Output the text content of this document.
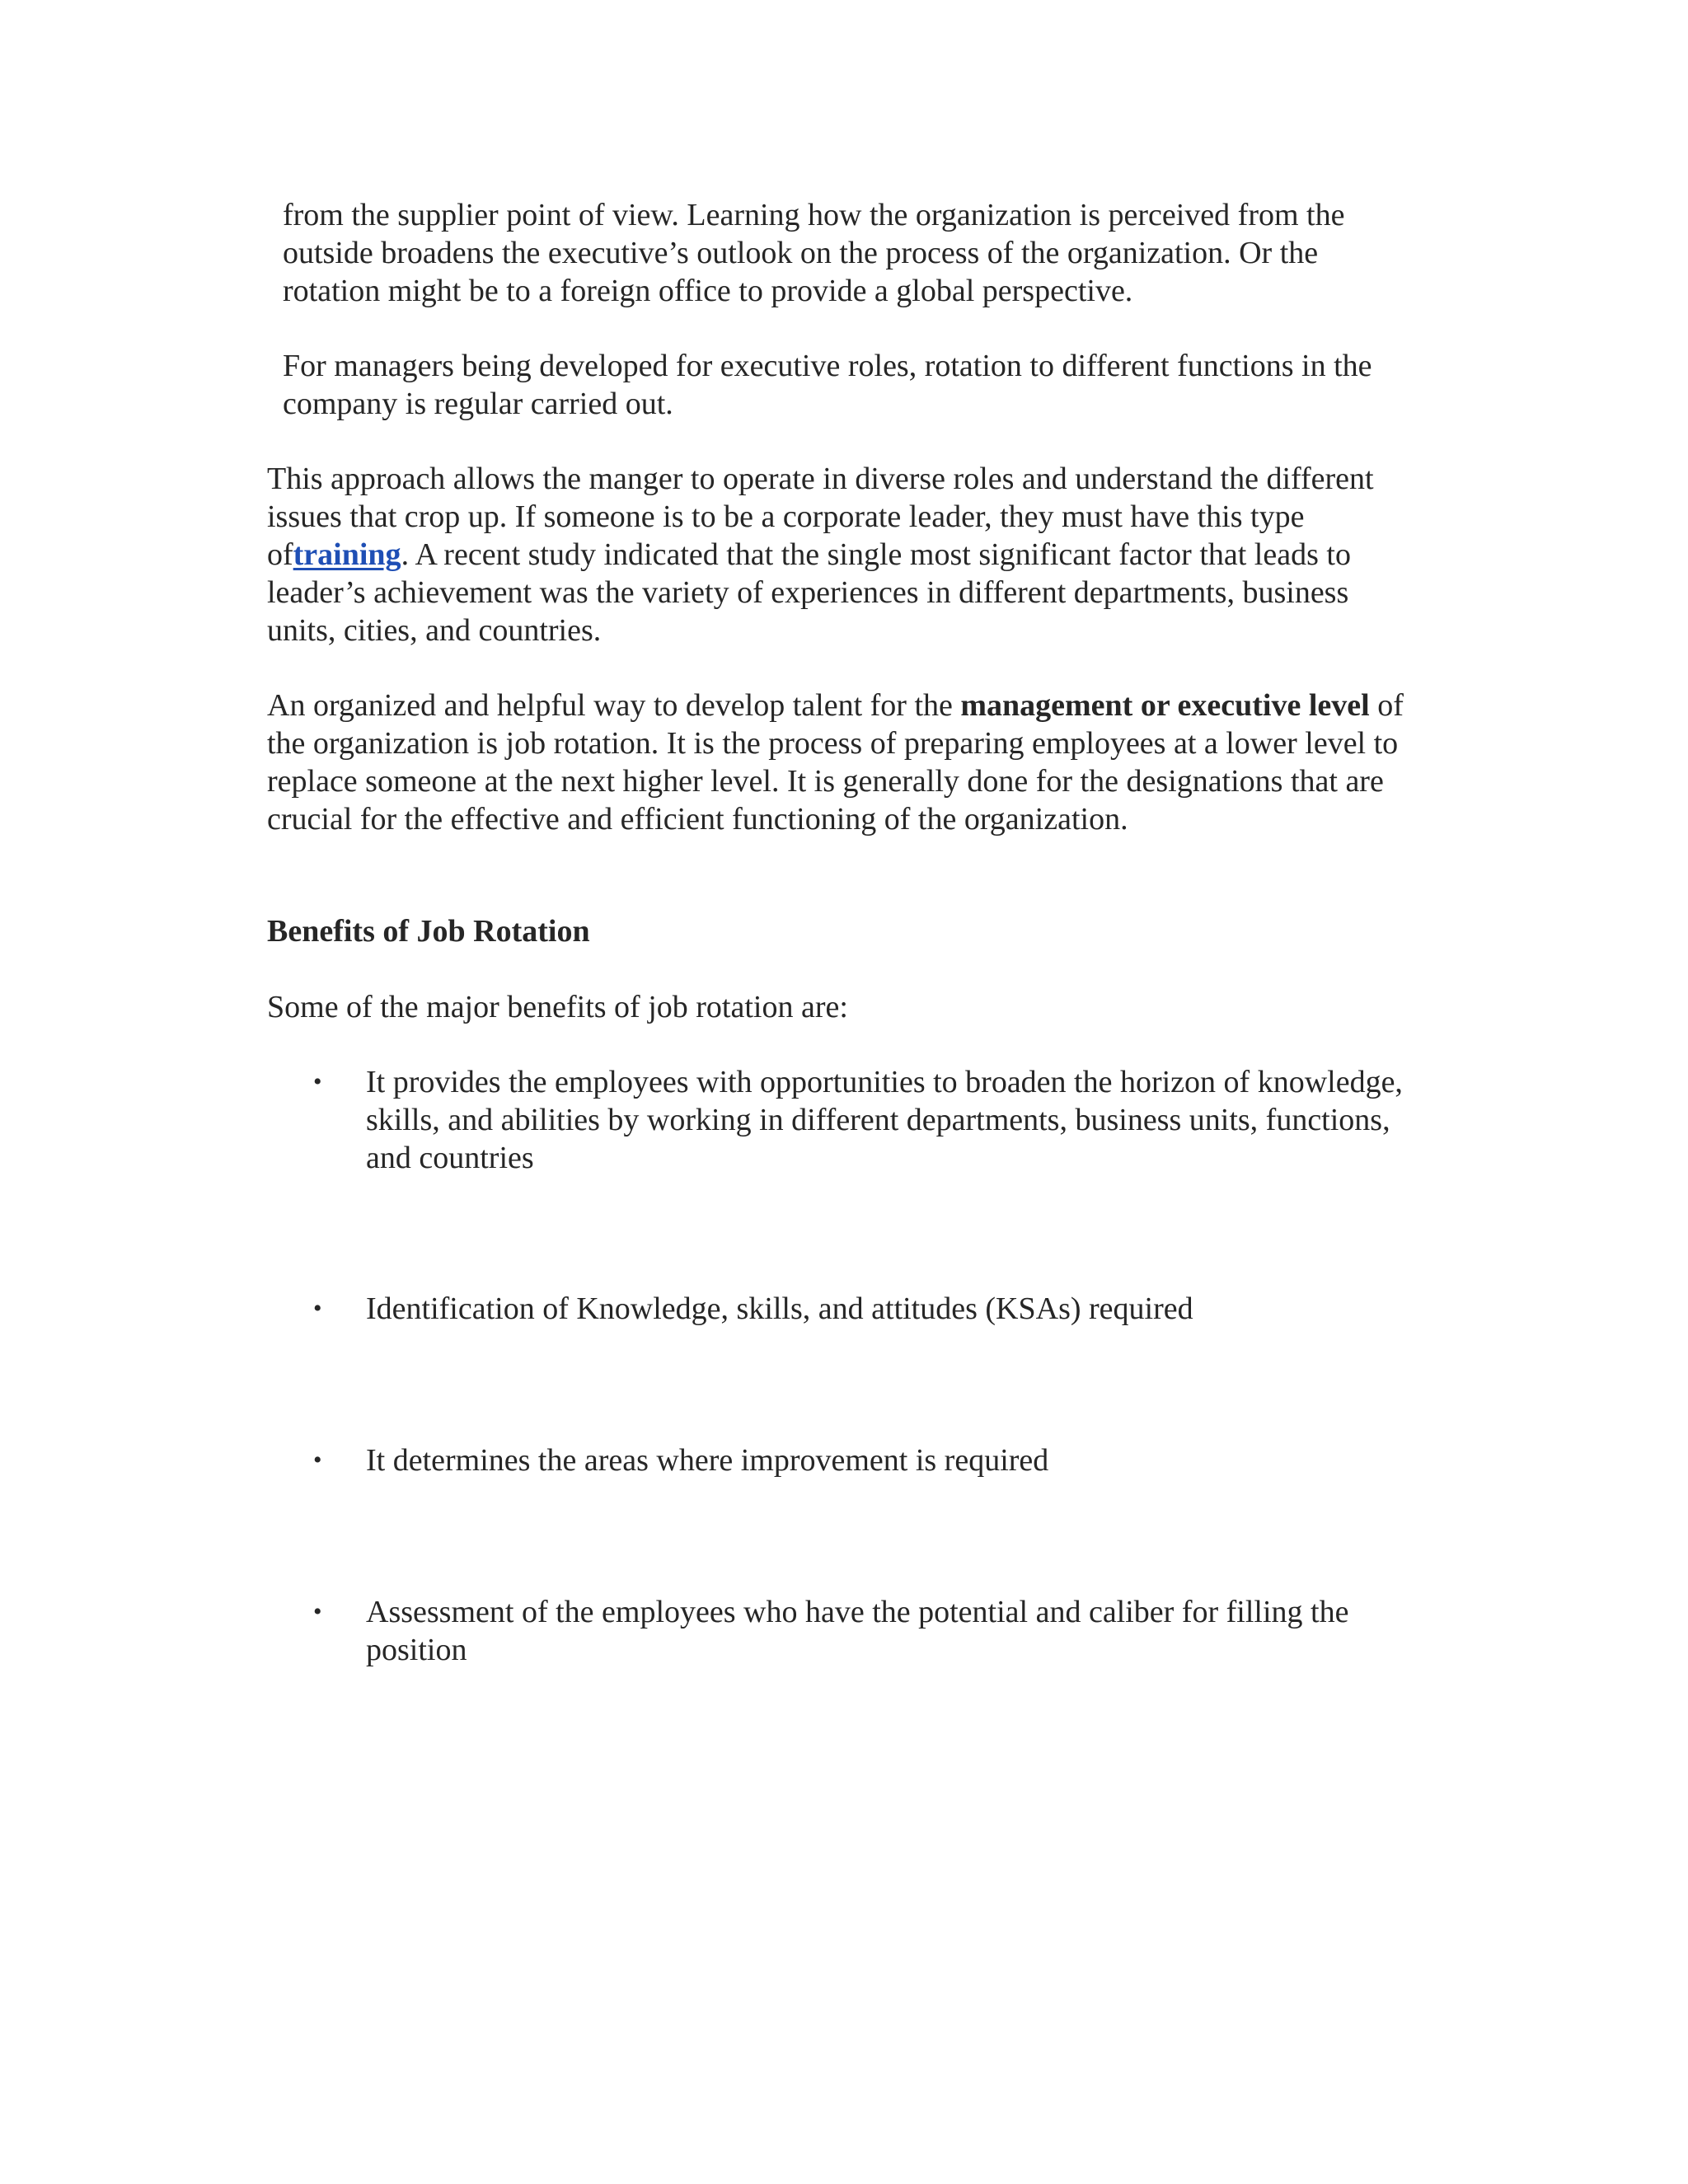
from the supplier point of view. Learning how the organization is perceived from the outside broadens the executive’s outlook on the process of the organization. Or the rotation might be to a foreign office to provide a global perspective.

For managers being developed for executive roles, rotation to different functions in the company is regular carried out.

This approach allows the manger to operate in diverse roles and understand the different issues that crop up. If someone is to be a corporate leader, they must have this type oftraining. A recent study indicated that the single most significant factor that leads to leader’s achievement was the variety of experiences in different departments, business units, cities, and countries.

An organized and helpful way to develop talent for the management or executive level of the organization is job rotation. It is the process of preparing employees at a lower level to replace someone at the next higher level. It is generally done for the designations that are crucial for the effective and efficient functioning of the organization.

Benefits of Job Rotation

Some of the major benefits of job rotation are:

•	It provides the employees with opportunities to broaden the horizon of knowledge, skills, and abilities by working in different departments, business units, functions, and countries
•	Identification of Knowledge, skills, and attitudes (KSAs) required
•	It determines the areas where improvement is required
•	Assessment of the employees who have the potential and caliber for filling the position
